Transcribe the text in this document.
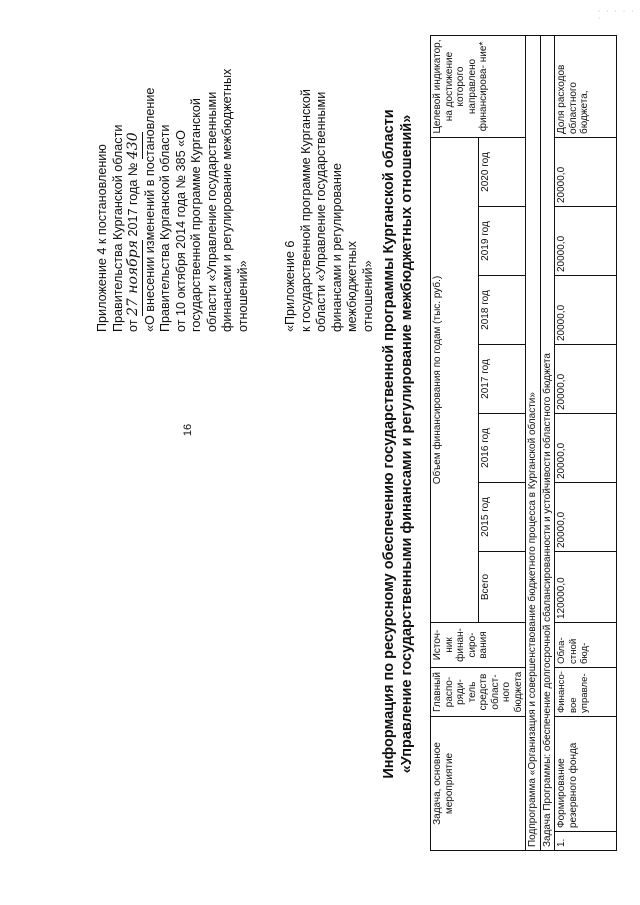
· · · · · ·
16
Приложение 4 к постановлению Правительства Курганской области от 27 ноября 2017 года № 430 «О внесении изменений в постановление Правительства Курганской области от 10 октября 2014 года № 385 «О государственной программе Курганской области «Управление государственными финансами и регулирование межбюджетных отношений»	«Приложение 6 к государственной программе Курганской области «Управление государственными финансами и регулирование межбюджетных отношений» Информация по ресурсному обеспечению государственной программы Курганской области «Управление государственными финансами и регулирование межбюджетных отношений»
Задача, основное мероприятие		Главный распо- ряди- тель средств област- ного бюджета	Источ- ник финан- сиро- вания	Объем финансирования по годам (тыс. руб.)							Целевой индикатор, на достижение которого направлено финансирова- ние*
				Всего	2015 год	2016 год	2017 год	2018 год	2019 год	2020 год	
Подпрограмма «Организация и совершенствование бюджетного процесса в Курганской области»											
Задача Программы: обеспечение долгосрочной сбалансированности и устойчивости областного бюджета											
1.	Формирование резервного фонда	Финансо- вое управле-	Обла- стной бюд-	120000,0	20000,0	20000,0	20000,0	20000,0	20000,0	20000,0	Доля расходов областного бюджета,
